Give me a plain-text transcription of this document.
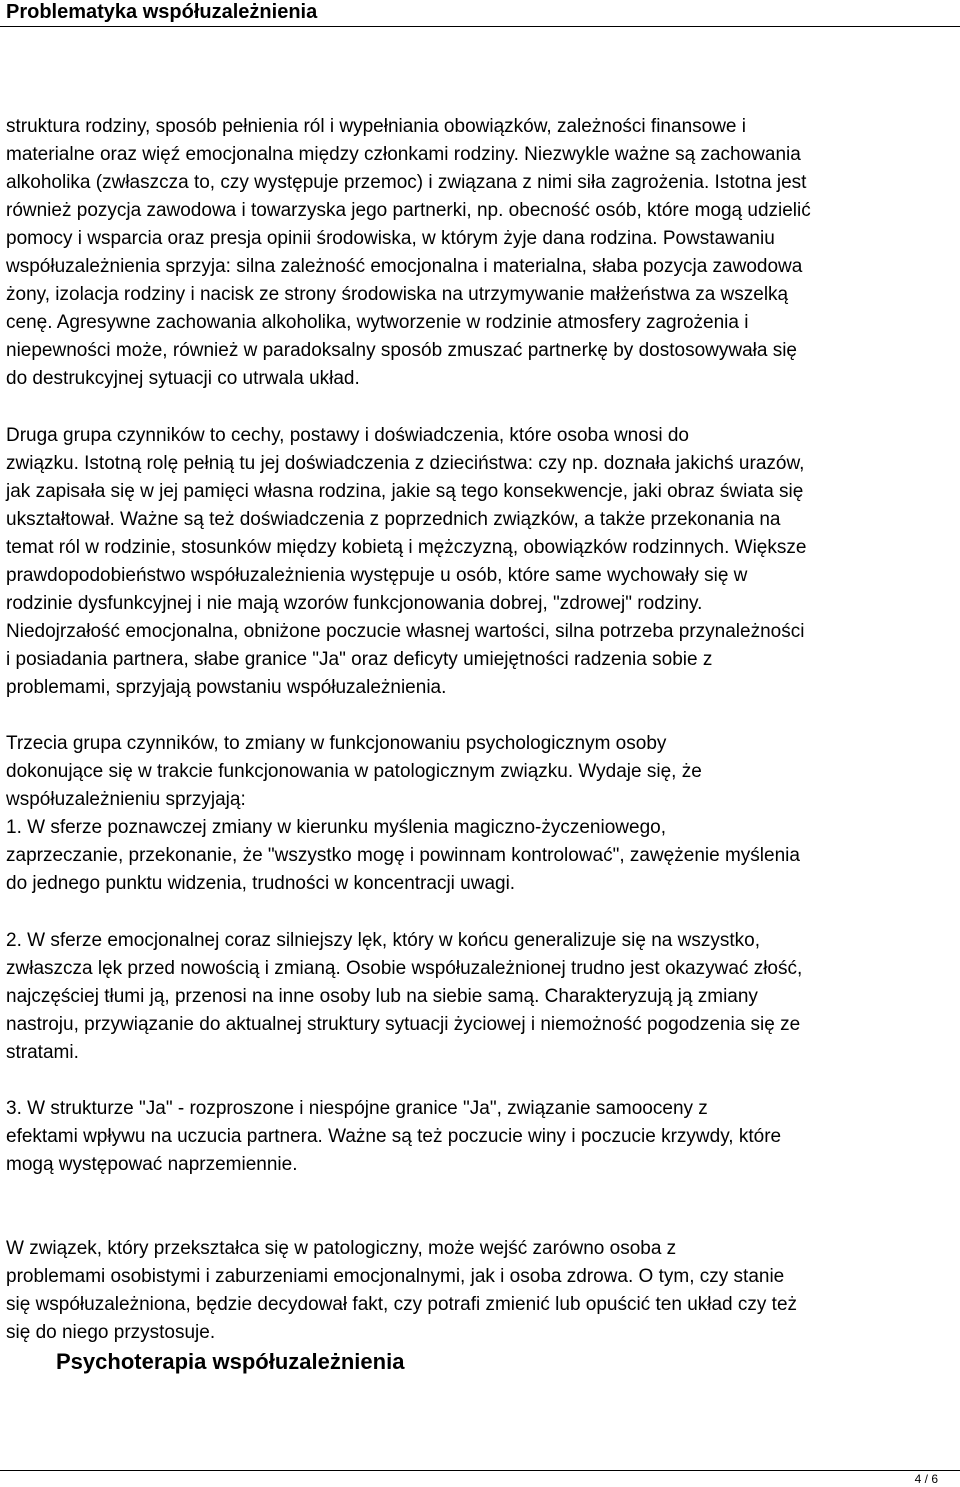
Problematyka współuzależnienia
struktura rodziny, sposób pełnienia ról i wypełniania obowiązków, zależności finansowe i
materialne oraz więź emocjonalna między członkami rodziny. Niezwykle ważne są zachowania
alkoholika (zwłaszcza to, czy występuje przemoc) i związana z nimi siła zagrożenia. Istotna jest
również pozycja zawodowa i towarzyska jego partnerki, np. obecność osób, które mogą udzielić
pomocy i wsparcia oraz presja opinii środowiska, w którym żyje dana rodzina. Powstawaniu
współuzależnienia sprzyja: silna zależność emocjonalna i materialna, słaba pozycja zawodowa
żony, izolacja rodziny i nacisk ze strony środowiska na utrzymywanie małżeństwa za wszelką
cenę. Agresywne zachowania alkoholika, wytworzenie w rodzinie atmosfery zagrożenia i
niepewności może, również w paradoksalny sposób zmuszać partnerkę by dostosowywała się
do destrukcyjnej sytuacji co utrwala układ.
Druga grupa czynników to cechy, postawy i doświadczenia, które osoba wnosi do
związku. Istotną rolę pełnią tu jej doświadczenia z dzieciństwa: czy np. doznała jakichś urazów,
jak zapisała się w jej pamięci własna rodzina, jakie są tego konsekwencje, jaki obraz świata się
ukształtował. Ważne są też doświadczenia z poprzednich związków, a także przekonania na
temat ról w rodzinie, stosunków między kobietą i mężczyzną, obowiązków rodzinnych. Większe
prawdopodobieństwo współuzależnienia występuje u osób, które same wychowały się w
rodzinie dysfunkcyjnej i nie mają wzorów funkcjonowania dobrej, "zdrowej" rodziny.
Niedojrzałość emocjonalna, obniżone poczucie własnej wartości, silna potrzeba przynależności
i posiadania partnera, słabe granice "Ja" oraz deficyty umiejętności radzenia sobie z
problemami, sprzyjają powstaniu współuzależnienia.
Trzecia grupa czynników, to zmiany w funkcjonowaniu psychologicznym osoby
dokonujące się w trakcie funkcjonowania w patologicznym związku. Wydaje się, że
współuzależnieniu sprzyjają:
1. W sferze poznawczej zmiany w kierunku myślenia magiczno-życzeniowego,
zaprzeczanie, przekonanie, że "wszystko mogę i powinnam kontrolować", zawężenie myślenia
do jednego punktu widzenia, trudności w koncentracji uwagi.
2. W sferze emocjonalnej coraz silniejszy lęk, który w końcu generalizuje się na wszystko,
zwłaszcza lęk przed nowością i zmianą. Osobie współuzależnionej trudno jest okazywać złość,
najczęściej tłumi ją, przenosi na inne osoby lub na siebie samą. Charakteryzują ją zmiany
nastroju, przywiązanie do aktualnej struktury sytuacji życiowej i niemożność pogodzenia się ze
stratami.
3. W strukturze "Ja" - rozproszone i niespójne granice "Ja", związanie samooceny z
efektami wpływu na uczucia partnera. Ważne są też poczucie winy i poczucie krzywdy, które
mogą występować naprzemiennie.
W związek, który przekształca się w patologiczny, może wejść zarówno osoba z
problemami osobistymi i zaburzeniami emocjonalnymi, jak i osoba zdrowa. O tym, czy stanie
się współuzależniona, będzie decydował fakt, czy potrafi zmienić lub opuścić ten układ czy też
się do niego przystosuje.
Psychoterapia współuzależnienia
4 / 6
